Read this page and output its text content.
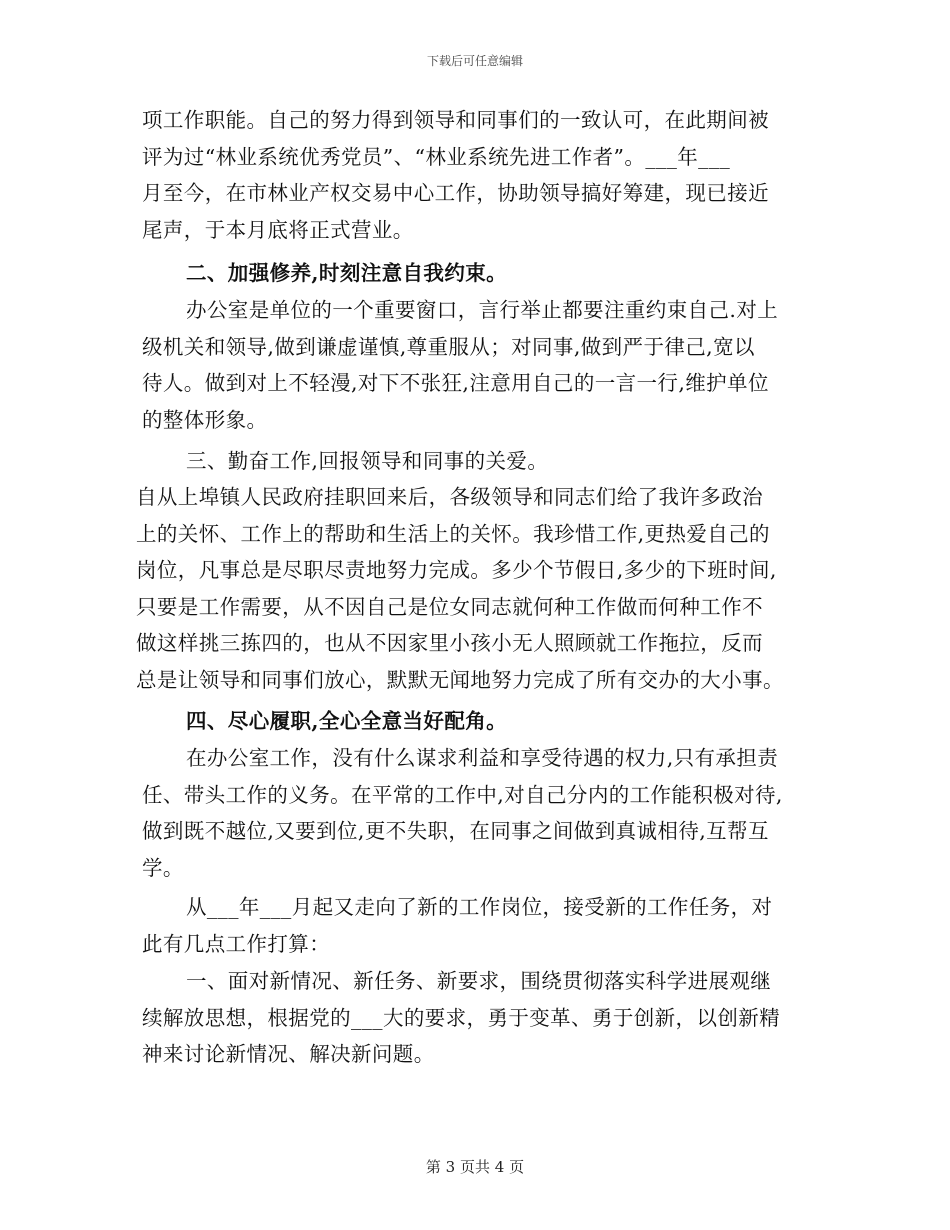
下载后可任意编辑
项工作职能。自己的努力得到领导和同事们的一致认可，在此期间被
评为过“林业系统优秀党员”、“林业系统先进工作者”。___年___
月至今，在市林业产权交易中心工作，协助领导搞好筹建，现已接近
尾声，于本月底将正式营业。
二、加强修养,时刻注意自我约束。
办公室是单位的一个重要窗口，言行举止都要注重约束自己.对上
级机关和领导,做到谦虚谨慎,尊重服从；对同事,做到严于律己,宽以
待人。做到对上不轻漫,对下不张狂,注意用自己的一言一行,维护单位
的整体形象。
三、勤奋工作,回报领导和同事的关爱。
自从上埠镇人民政府挂职回来后，各级领导和同志们给了我许多政治
上的关怀、工作上的帮助和生活上的关怀。我珍惜工作,更热爱自己的
岗位，凡事总是尽职尽责地努力完成。多少个节假日,多少的下班时间,
只要是工作需要，从不因自己是位女同志就何种工作做而何种工作不
做这样挑三拣四的，也从不因家里小孩小无人照顾就工作拖拉，反而
总是让领导和同事们放心，默默无闻地努力完成了所有交办的大小事。
四、尽心履职,全心全意当好配角。
在办公室工作，没有什么谋求利益和享受待遇的权力,只有承担责
任、带头工作的义务。在平常的工作中,对自己分内的工作能积极对待,
做到既不越位,又要到位,更不失职，在同事之间做到真诚相待,互帮互
学。
从___年___月起又走向了新的工作岗位，接受新的工作任务，对
此有几点工作打算：
一、面对新情况、新任务、新要求，围绕贯彻落实科学进展观继
续解放思想，根据党的___大的要求，勇于变革、勇于创新，以创新精
神来讨论新情况、解决新问题。
第 3 页共 4 页
